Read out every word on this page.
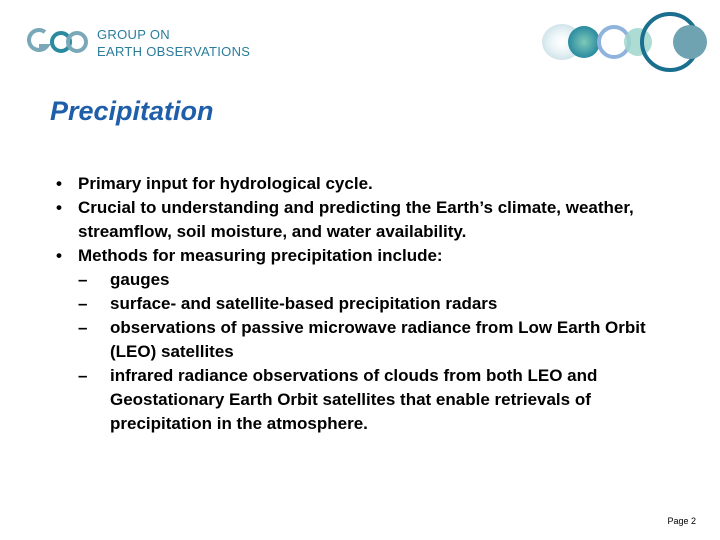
GROUP ON
EARTH OBSERVATIONS
Precipitation
• Primary input for hydrological cycle.
• Crucial to understanding and predicting the Earth’s climate, weather, streamflow, soil moisture, and water availability.
• Methods for measuring precipitation include:
–	gauges
–	surface- and satellite-based precipitation radars
–	observations of passive microwave radiance from Low Earth Orbit (LEO) satellites
–	infrared radiance observations of clouds from both LEO and Geostationary Earth Orbit satellites that enable retrievals of precipitation in the atmosphere.
Page 2
